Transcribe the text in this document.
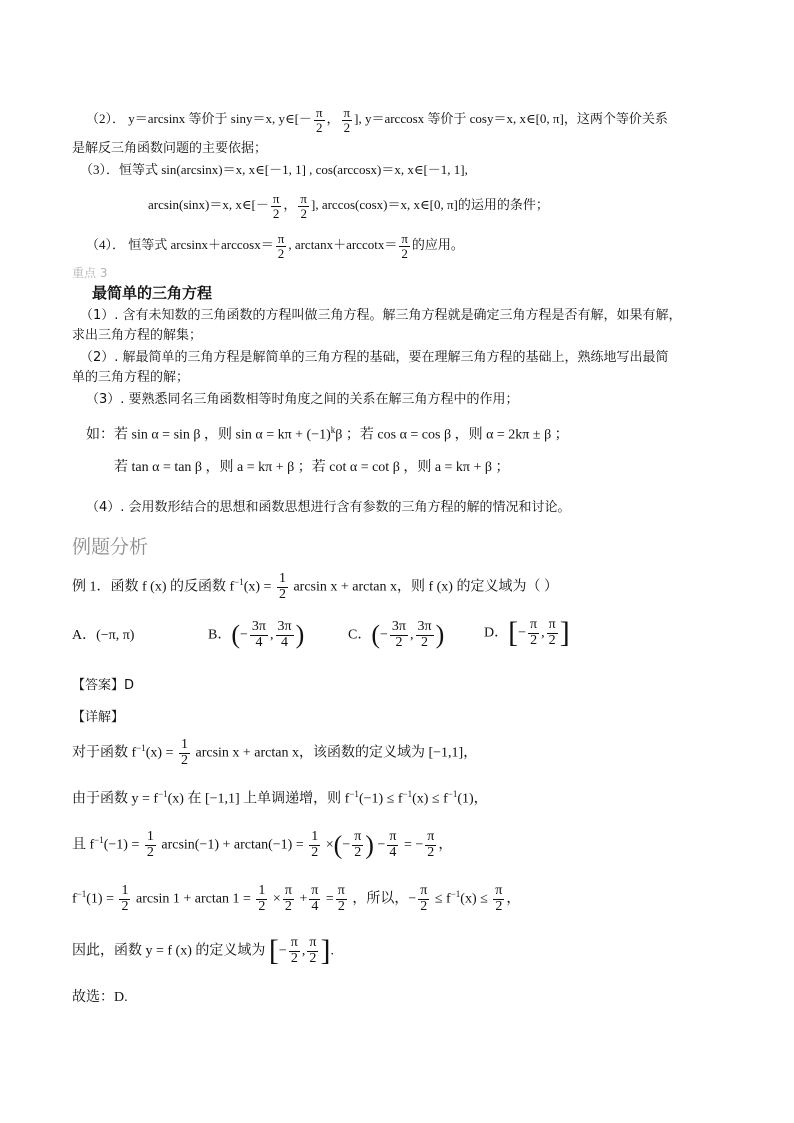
（2）． y＝arcsinx 等价于 siny＝x, y∈[－ $\frac{\pi}{2}$ ， $\frac{\pi}{2}$ ], y＝arccosx 等价于 cosy＝x, x∈[0, π]，这两个等价关系
是解反三角函数问题的主要依据；
（3）．恒等式 sin(arcsinx)＝x, x∈[－1, 1] , cos(arccosx)＝x, x∈[－1, 1],
arcsin(sinx)＝x, x∈[－ $\frac{\pi}{2}$ ， $\frac{\pi}{2}$ ], arccos(cosx)＝x, x∈[0, π]的运用的条件；
（4）． 恒等式 $\arcsin x+\arccos x= \frac{\pi}{2}$ , $\arctan x+arccotx= \frac{\pi}{2}$ 的应用。
重点 3
最简单的三角方程
（1）. 含有未知数的三角函数的方程叫做三角方程。解三角方程就是确定三角方程是否有解，如果有解，
求出三角方程的解集；
（2）. 解最简单的三角方程是解简单的三角方程的基础，要在理解三角方程的基础上，熟练地写出最简
单的三角方程的解；
（3）. 要熟悉同名三角函数相等时角度之间的关系在解三角方程中的作用；
如：若 sin α = sin β ，则 $\sin \alpha = k\pi + (-1)^k\beta$ ；若 cos α = cos β ，则 α = 2kπ ± β ；
若 tan α = tan β ，则 a = kπ + β ；若 cot α = cot β ，则 a = kπ + β ；
（4）. 会用数形结合的思想和函数思想进行含有参数的三角方程的解的情况和讨论。
例题分析
例 1．函数 f (x) 的反函数 $f^{-1}(x) = \frac{1}{2}$ arcsin x + arctan x，则 f (x) 的定义域为（ ）
A．(−π, π)	B．(− $\frac{3\pi}{4}$ , $\frac{3\pi}{4}$ )	C．(− $\frac{3\pi}{2}$ , $\frac{3\pi}{2}$ )	D．[− $\frac{\pi}{2}$ , $\frac{\pi}{2}$ ]
【答案】D
【详解】
对于函数 $f^{-1}(x) = \frac{1}{2}$ arcsin x + arctan x，该函数的定义域为 [−1,1]，
由于函数 $y = f^{-1}(x)$ 在 [−1,1] 上单调递增，则 $f^{-1}(-1) \le f^{-1}(x) \le f^{-1}(1)$，
且 $f^{-1}(-1) = \frac{1}{2} \arcsin(-1) + \arctan(-1) = \frac{1}{2}$ ×(− $\frac{\pi}{2}$ ) − $\frac{\pi}{4}$ = − $\frac{\pi}{2}$ ，
$f^{-1}(1) = \frac{1}{2}$ $\arcsin 1 + \arctan 1 = \frac{1}{2} \times \frac{\pi}{2} + \frac{\pi}{4} = \frac{\pi}{2}$ ，所以，− $\frac{\pi}{2} \le f^{-1}(x) \le \frac{\pi}{2}$ ，
因此，函数 y = f (x) 的定义域为 [− $\frac{\pi}{2}$ , $\frac{\pi}{2}$ ].
故选：D.
